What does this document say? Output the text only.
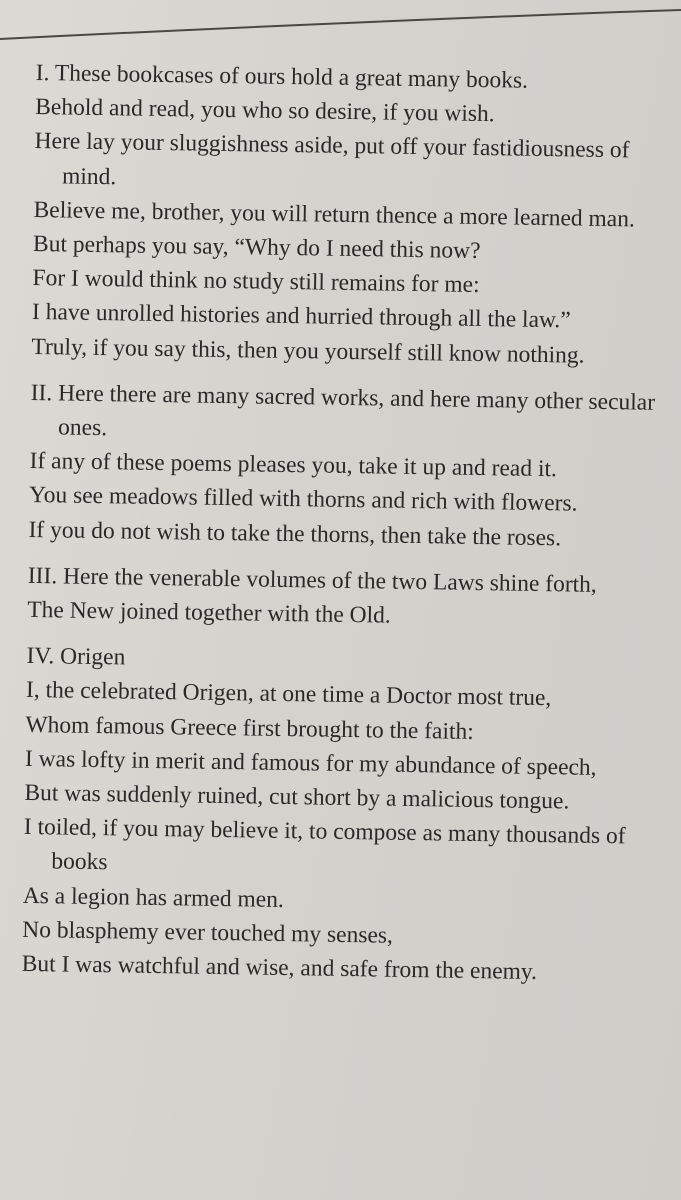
I. These bookcases of ours hold a great many books.
Behold and read, you who so desire, if you wish.
Here lay your sluggishness aside, put off your fastidiousness of mind.
Believe me, brother, you will return thence a more learned man.
But perhaps you say, “Why do I need this now?
For I would think no study still remains for me:
I have unrolled histories and hurried through all the law.”
Truly, if you say this, then you yourself still know nothing.
II. Here there are many sacred works, and here many other secular ones.
If any of these poems pleases you, take it up and read it.
You see meadows filled with thorns and rich with flowers.
If you do not wish to take the thorns, then take the roses.
III. Here the venerable volumes of the two Laws shine forth,
The New joined together with the Old.
IV. Origen
I, the celebrated Origen, at one time a Doctor most true,
Whom famous Greece first brought to the faith:
I was lofty in merit and famous for my abundance of speech,
But was suddenly ruined, cut short by a malicious tongue.
I toiled, if you may believe it, to compose as many thousands of books
As a legion has armed men.
No blasphemy ever touched my senses,
But I was watchful and wise, and safe from the enemy.
